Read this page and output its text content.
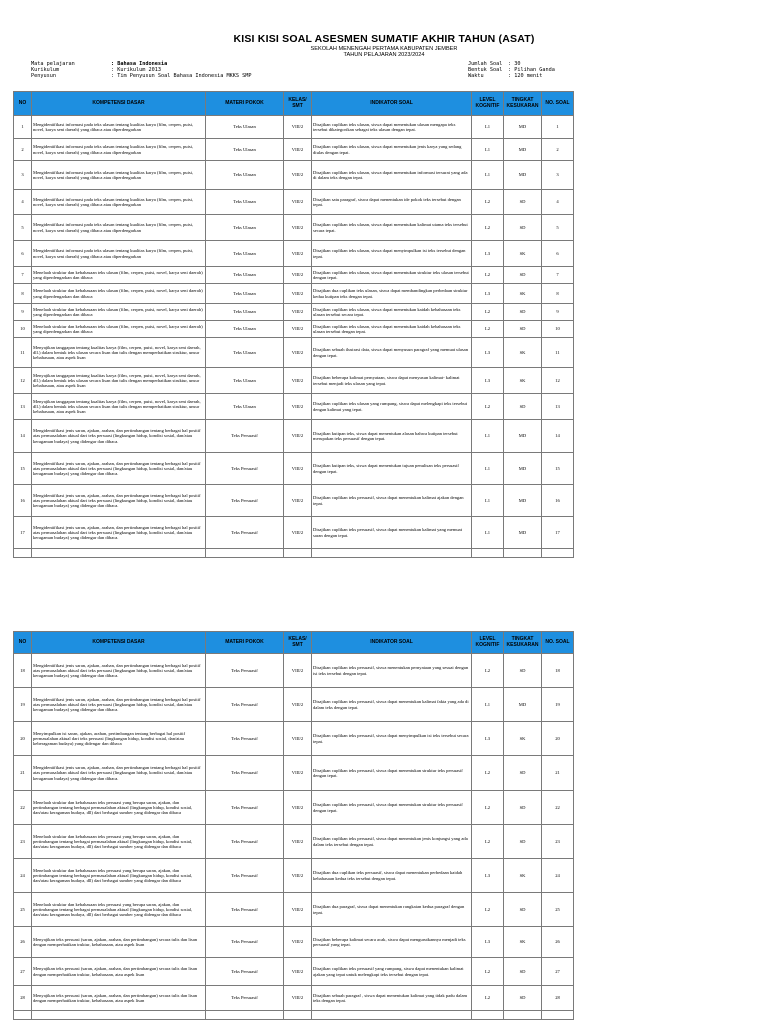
KISI KISI SOAL ASESMEN SUMATIF AKHIR TAHUN (ASAT)
SEKOLAH MENENGAH PERTAMA KABUPATEN JEMBER
TAHUN PELAJARAN 2023/2024
Mata pelajaran	: Bahasa Indonesia
Kurikulum	: Kurikulum 2013
Penyusun	: Tim Penyusun Soal Bahasa Indonesia MKKS SMP
Jumlah Soal : 30
Bentuk Soal : Pilihan Ganda
Waktu	: 120 menit
NO	KOMPETENSI DASAR	MATERI POKOK	KELAS/ SMT	INDIKATOR SOAL	LEVEL KOGNITIF	TINGKAT KESUKARAN	NO. SOAL
1	Mengidentifikasi informasi pada teks ulasan tentang kualitas karya (film, cerpen, puisi, novel, karya seni daerah) yang dibaca atau diperdengarkan	Teks Ulasan	VIII/2	Disajikan cuplikan teks ulasan, siswa dapat menentukan ulasan mengapa teks tersebut dikategorikan sebagai teks ulasan dengan tepat.	L1	MD	1
2	Mengidentifikasi informasi pada teks ulasan tentang kualitas karya (film, cerpen, puisi, novel, karya seni daerah) yang dibaca atau diperdengarkan	Teks Ulasan	VIII/2	Disajikan cuplikan teks ulasan, siswa dapat menentukan jenis karya yang sedang diulas dengan tepat.	L1	MD	2
3	Mengidentifikasi informasi pada teks ulasan tentang kualitas karya (film, cerpen, puisi, novel, karya seni daerah) yang dibaca atau diperdengarkan	Teks Ulasan	VIII/2	Disajikan cuplikan teks ulasan, siswa dapat menentukan informasi tersurat yang ada di dalam teks dengan tepat.	L1	MD	3
4	Mengidentifikasi informasi pada teks ulasan tentang kualitas karya (film, cerpen, puisi, novel, karya seni daerah) yang dibaca atau diperdengarkan	Teks Ulasan	VIII/2	Disajikan satu paragraf, siswa dapat menentukan ide pokok teks tersebut dengan tepat.	L2	SD	4
5	Mengidentifikasi informasi pada teks ulasan tentang kualitas karya (film, cerpen, puisi, novel, karya seni daerah) yang dibaca atau diperdengarkan	Teks Ulasan	VIII/2	Disajikan cuplikan teks ulasan, siswa dapat menentukan kalimat utama teks tersebut secara tepat.	L2	SD	5
6	Mengidentifikasi informasi pada teks ulasan tentang kualitas karya (film, cerpen, puisi, novel, karya seni daerah) yang dibaca atau diperdengarkan	Teks Ulasan	VIII/2	Disajikan cuplikan teks ulasan, siswa dapat menyimpulkan isi teks tersebut dengan tepat.	L3	SK	6
7	Menelaah struktur dan kebahasaan teks ulasan (film, cerpen, puisi, novel, karya seni daerah) yang diperdengarkan dan dibaca	Teks Ulasan	VIII/2	Disajikan cuplikan teks ulasan, siswa dapat menentukan struktur teks ulasan tersebut dengan tepat.	L2	SD	7
8	Menelaah struktur dan kebahasaan teks ulasan (film, cerpen, puisi, novel, karya seni daerah) yang diperdengarkan dan dibaca	Teks Ulasan	VIII/2	Disajikan dua cuplikan teks ulasan, siswa dapat membandingkan perbedaan struktur kedua kutipan teks dengan tepat.	L3	SK	8
9	Menelaah struktur dan kebahasaan teks ulasan (film, cerpen, puisi, novel, karya seni daerah) yang diperdengarkan dan dibaca	Teks Ulasan	VIII/2	Disajikan cuplikan teks ulasan, siswa dapat menentukan kaidah kebahasaan teks ulasan tersebut secara tepat.	L2	SD	9
10	Menelaah struktur dan kebahasaan teks ulasan (film, cerpen, puisi, novel, karya seni daerah) yang diperdengarkan dan dibaca	Teks Ulasan	VIII/2	Disajikan cuplikan teks ulasan, siswa dapat menentukan kaidah kebahasaan teks ulasan tersebut dengan tepat.	L2	SD	10
11	Menyajikan tanggapan tentang kualitas karya (film, cerpen, puisi, novel, karya seni daerah, dll.) dalam bentuk teks ulasan secara lisan dan tulis dengan memperhatikan struktur, unsur kebahasaan, atau aspek lisan	Teks Ulasan	VIII/2	Disajikan sebuah ilustrasi data, siswa dapat menyusun paragraf yang memuat ulasan dengan tepat.	L3	SK	11
12	Menyajikan tanggapan tentang kualitas karya (film, cerpen, puisi, novel, karya seni daerah, dll.) dalam bentuk teks ulasan secara lisan dan tulis dengan memperhatikan struktur, unsur kebahasaan, atau aspek lisan	Teks Ulasan	VIII/2	Disajikan beberapa kalimat pernyataan, siswa dapat menyusun kalimat- kalimat tersebut menjadi teks ulasan yang tepat.	L3	SK	12
13	Menyajikan tanggapan tentang kualitas karya (film, cerpen, puisi, novel, karya seni daerah, dll.) dalam bentuk teks ulasan secara lisan dan tulis dengan memperhatikan struktur, unsur kebahasaan, atau aspek lisan	Teks Ulasan	VIII/2	Disajikan cuplikan teks ulasan yang rumpang, siswa dapat melengkapi teks tersebut dengan kalimat yang tepat.	L2	SD	13
14	Mengidentifikasi jenis saran, ajakan, arahan, dan pertimbangan tentang berbagai hal positif atas permasalahan aktual dari teks persuasi (lingkungan hidup, kondisi sosial, dan/atau keragaman budaya) yang didengar dan dibaca.	Teks Persuasif	VIII/2	Disajikan kutipan teks, siswa dapat menentukan alasan bahwa kutipan tersebut merupakan teks persuasif dengan tepat.	L1	MD	14
15	Mengidentifikasi jenis saran, ajakan, arahan, dan pertimbangan tentang berbagai hal positif atas permasalahan aktual dari teks persuasi (lingkungan hidup, kondisi sosial, dan/atau keragaman budaya) yang didengar dan dibaca.	Teks Persuasif	VIII/2	Disajikan kutipan teks, siswa dapat menentukan tujuan penulisan teks persuasif dengan tepat.	L1	MD	15
16	Mengidentifikasi jenis saran, ajakan, arahan, dan pertimbangan tentang berbagai hal positif atas permasalahan aktual dari teks persuasi (lingkungan hidup, kondisi sosial, dan/atau keragaman budaya) yang didengar dan dibaca.	Teks Persuasif	VIII/2	Disajikan cuplikan teks persuasif, siswa dapat menentukan kalimat ajakan dengan tepat.	L1	MD	16
17	Mengidentifikasi jenis saran, ajakan, arahan, dan pertimbangan tentang berbagai hal positif atas permasalahan aktual dari teks persuasi (lingkungan hidup, kondisi sosial, dan/atau keragaman budaya) yang didengar dan dibaca.	Teks Persuasif	VIII/2	Disajikan cuplikan teks persuasif, siswa dapat menentukan kalimat yang memuat saran dengan tepat.	L1	MD	17

NO	KOMPETENSI DASAR	MATERI POKOK	KELAS/ SMT	INDIKATOR SOAL	LEVEL KOGNITIF	TINGKAT KESUKARAN	NO. SOAL
18	Mengidentifikasi jenis saran, ajakan, arahan, dan pertimbangan tentang berbagai hal positif atas permasalahan aktual dari teks persuasi (lingkungan hidup, kondisi sosial, dan/atau keragaman budaya) yang didengar dan dibaca.	Teks Persuasif	VIII/2	Disajikan cuplikan teks persuasif, siswa menentukan pernyataan yang sesuai dengan isi teks tersebut dengan tepat.	L2	SD	18
19	Mengidentifikasi jenis saran, ajakan, arahan, dan pertimbangan tentang berbagai hal positif atas permasalahan aktual dari teks persuasi (lingkungan hidup, kondisi sosial, dan/atau keragaman budaya) yang didengar dan dibaca.	Teks Persuasif	VIII/2	Disajikan cuplikan teks persuasif, siswa dapat menentukan kalimat fakta yang ada di dalam teks dengan tepat.	L1	MD	19
20	Menyimpulkan isi saran, ajakan, arahan, pertimbangan tentang berbagai hal positif permasalahan aktual dari teks persuasi (lingkungan hidup, kondisi sosial, dan/atau keberagaman budaya) yang didengar dan dibaca	Teks Persuasif	VIII/2	Disajikan cuplikan teks persuasif, siswa dapat menyimpulkan isi teks tersebut secara tepat.	L3	SK	20
21	Mengidentifikasi jenis saran, ajakan, arahan, dan pertimbangan tentang berbagai hal positif atas permasalahan aktual dari teks persuasi (lingkungan hidup, kondisi sosial, dan/atau keragaman budaya) yang didengar dan dibaca.	Teks Persuasif	VIII/2	Disajikan cuplikan teks persuasif, siswa dapat menentukan struktur teks persuasif dengan tepat.	L2	SD	21
22	Menelaah struktur dan kebahasaan teks persuasi yang berupa saran, ajakan, dan pertimbangan tentang berbagai permasalahan aktual (lingkungan hidup, kondisi sosial, dan/atau keragaman budaya, dll) dari berbagai sumber yang didengar dan dibaca	Teks Persuasif	VIII/2	Disajikan cuplikan teks persuasif, siswa dapat menentukan struktur teks persuasif dengan tepat.	L2	SD	22
23	Menelaah struktur dan kebahasaan teks persuasi yang berupa saran, ajakan, dan pertimbangan tentang berbagai permasalahan aktual (lingkungan hidup, kondisi sosial, dan/atau keragaman budaya, dll) dari berbagai sumber yang didengar dan dibaca	Teks Persuasif	VIII/2	Disajikan cuplikan teks persuasif, siswa dapat menentukan jenis konjungsi yang ada dalam teks tersebut dengan tepat.	L2	SD	23
24	Menelaah struktur dan kebahasaan teks persuasi yang berupa saran, ajakan, dan pertimbangan tentang berbagai permasalahan aktual (lingkungan hidup, kondisi sosial, dan/atau keragaman budaya, dll) dari berbagai sumber yang didengar dan dibaca	Teks Persuasif	VIII/2	Disajikan dua cuplikan teks persuasif, siswa dapat menentukan perbedaan kaidah kebahasaan kedua teks tersebut dengan tepat.	L3	SK	24
25	Menelaah struktur dan kebahasaan teks persuasi yang berupa saran, ajakan, dan pertimbangan tentang berbagai permasalahan aktual (lingkungan hidup, kondisi sosial, dan/atau keragaman budaya, dll) dari berbagai sumber yang didengar dan dibaca	Teks Persuasif	VIII/2	Disajikan dua paragraf, siswa dapat menentukan rangkaian kedua paragraf dengan tepat.	L2	SD	25
26	Menyajikan teks persuasi (saran, ajakan, arahan, dan pertimbangan) secara tulis dan lisan dengan memperhatikan truktur, kebahasaan, atau aspek lisan	Teks Persuasif	VIII/2	Disajikan beberapa kalimat secara acak, siswa dapat mengurutkannya menjadi teks persuasif yang tepat.	L3	SK	26
27	Menyajikan teks persuasi (saran, ajakan, arahan, dan pertimbangan) secara tulis dan lisan dengan memperhatikan truktur, kebahasaan, atau aspek lisan	Teks Persuasif	VIII/2	Disajikan cuplikan teks persuasif yang rumpang, siswa dapat menentukan kalimat ajakan yang tepat untuk melengkapi teks tersebut dengan tepat.	L2	SD	27
28	Menyajikan teks persuasi (saran, ajakan, arahan, dan pertimbangan) secara tulis dan lisan dengan memperhatikan truktur, kebahasaan, atau aspek lisan	Teks Persuasif	VIII/2	Disajikan sebuah paragraf , siswa dapat menentukan kalimat yang tidak padu dalam teks dengan tepat.	L2	SD	28
